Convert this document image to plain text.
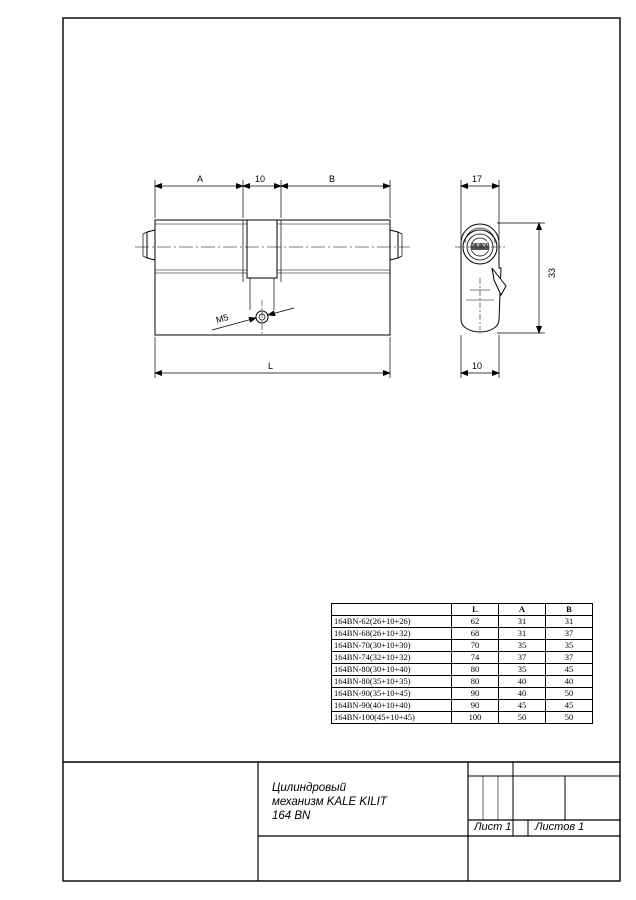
A	10	B
M5
L
17
33
10
	L	A	B
164BN-62(26+10+26)	62	31	31
164BN-68(26+10+32)	68	31	37
164BN-70(30+10+30)	70	35	35
164BN-74(32+10+32)	74	37	37
164BN-80(30+10+40)	80	35	45
164BN-80(35+10+35)	80	40	40
164BN-90(35+10+45)	90	40	50
164BN-90(40+10+40)	90	45	45
164BN-100(45+10+45)	100	50	50
Цилиндровый
механизм KALE KILIT
164 BN
Лист 1 Листов 1
